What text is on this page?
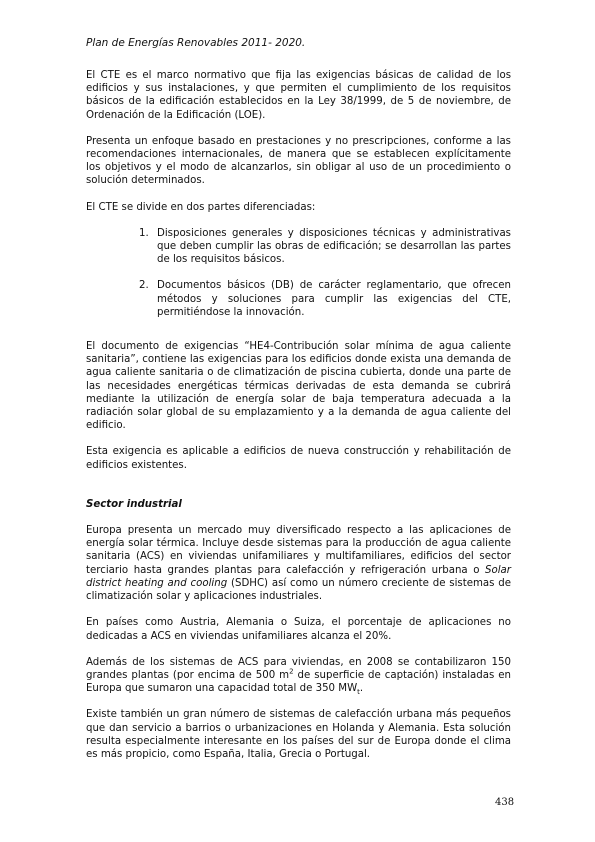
Plan de Energías Renovables 2011- 2020.

El CTE es el marco normativo que fija las exigencias básicas de calidad de los edificios y sus instalaciones, y que permiten el cumplimiento de los requisitos básicos de la edificación establecidos en la Ley 38/1999, de 5 de noviembre, de Ordenación de la Edificación (LOE).

Presenta un enfoque basado en prestaciones y no prescripciones, conforme a las recomendaciones internacionales, de manera que se establecen explícitamente los objetivos y el modo de alcanzarlos, sin obligar al uso de un procedimiento o solución determinados.

El CTE se divide en dos partes diferenciadas:

1. Disposiciones generales y disposiciones técnicas y administrativas que deben cumplir las obras de edificación; se desarrollan las partes de los requisitos básicos.
2. Documentos básicos (DB) de carácter reglamentario, que ofrecen métodos y soluciones para cumplir las exigencias del CTE, permitiéndose la innovación.

El documento de exigencias “HE4-Contribución solar mínima de agua caliente sanitaria”, contiene las exigencias para los edificios donde exista una demanda de agua caliente sanitaria o de climatización de piscina cubierta, donde una parte de las necesidades energéticas térmicas derivadas de esta demanda se cubrirá mediante la utilización de energía solar de baja temperatura adecuada a la radiación solar global de su emplazamiento y a la demanda de agua caliente del edificio.

Esta exigencia es aplicable a edificios de nueva construcción y rehabilitación de edificios existentes.

Sector industrial

Europa presenta un mercado muy diversificado respecto a las aplicaciones de energía solar térmica. Incluye desde sistemas para la producción de agua caliente sanitaria (ACS) en viviendas unifamiliares y multifamiliares, edificios del sector terciario hasta grandes plantas para calefacción y refrigeración urbana o Solar district heating and cooling (SDHC) así como un número creciente de sistemas de climatización solar y aplicaciones industriales.

En países como Austria, Alemania o Suiza, el porcentaje de aplicaciones no dedicadas a ACS en viviendas unifamiliares alcanza el 20%.

Además de los sistemas de ACS para viviendas, en 2008 se contabilizaron 150 grandes plantas (por encima de 500 $m^2$ de superficie de captación) instaladas en Europa que sumaron una capacidad total de 350 $MW_t$.

Existe también un gran número de sistemas de calefacción urbana más pequeños que dan servicio a barrios o urbanizaciones en Holanda y Alemania. Esta solución resulta especialmente interesante en los países del sur de Europa donde el clima es más propicio, como España, Italia, Grecia o Portugal.

438
